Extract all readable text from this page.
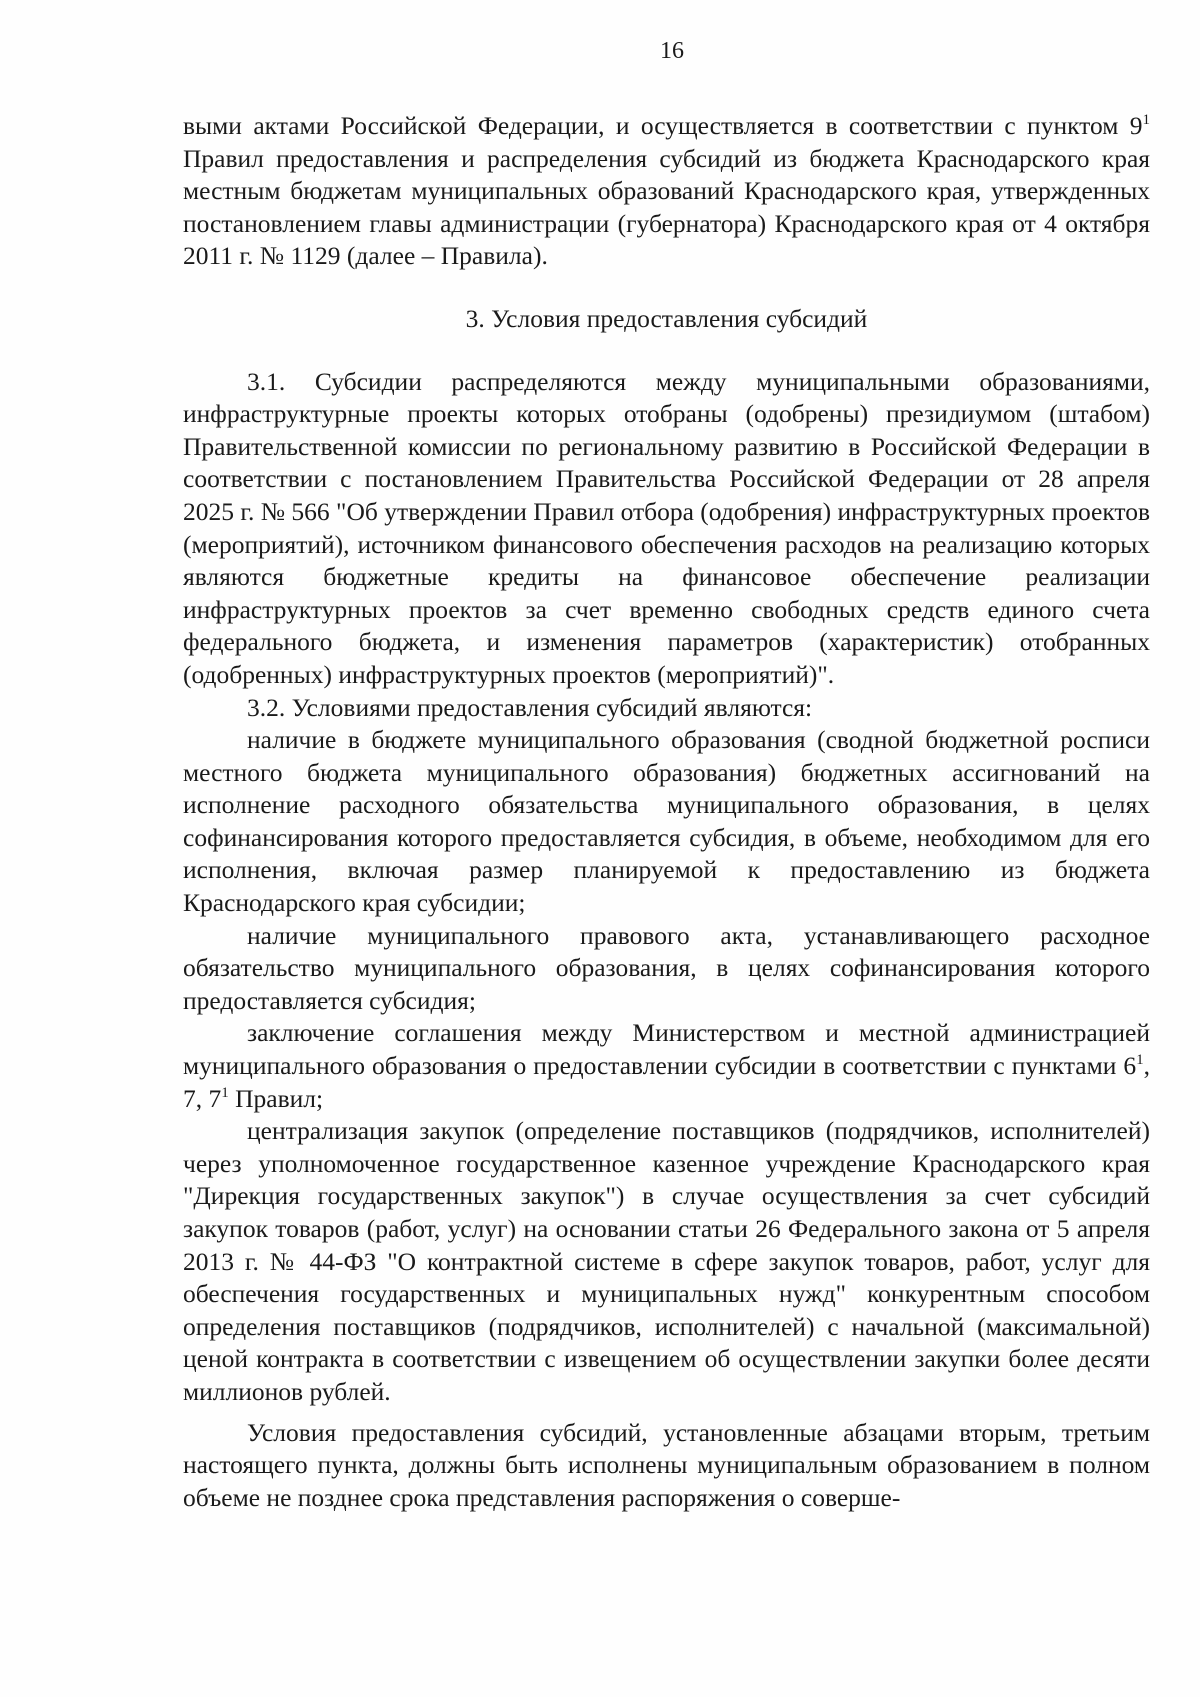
16

выми актами Российской Федерации, и осуществляется в соответствии с пунктом $9^1$ Правил предоставления и распределения субсидий из бюджета Краснодарского края местным бюджетам муниципальных образований Краснодарского края, утвержденных постановлением главы администрации (губернатора) Краснодарского края от 4 октября 2011 г. № 1129 (далее – Правила).

3. Условия предоставления субсидий

3.1. Субсидии распределяются между муниципальными образованиями, инфраструктурные проекты которых отобраны (одобрены) президиумом (штабом) Правительственной комиссии по региональному развитию в Российской Федерации в соответствии с постановлением Правительства Российской Федерации от 28 апреля 2025 г. № 566 "Об утверждении Правил отбора (одобрения) инфраструктурных проектов (мероприятий), источником финансового обеспечения расходов на реализацию которых являются бюджетные кредиты на финансовое обеспечение реализации инфраструктурных проектов за счет временно свободных средств единого счета федерального бюджета, и изменения параметров (характеристик) отобранных (одобренных) инфраструктурных проектов (мероприятий)".

3.2. Условиями предоставления субсидий являются:

наличие в бюджете муниципального образования (сводной бюджетной росписи местного бюджета муниципального образования) бюджетных ассигнований на исполнение расходного обязательства муниципального образования, в целях софинансирования которого предоставляется субсидия, в объеме, необходимом для его исполнения, включая размер планируемой к предоставлению из бюджета Краснодарского края субсидии;

наличие муниципального правового акта, устанавливающего расходное обязательство муниципального образования, в целях софинансирования которого предоставляется субсидия;

заключение соглашения между Министерством и местной администрацией муниципального образования о предоставлении субсидии в соответствии с пунктами $6^1$, 7, $7^1$ Правил;

централизация закупок (определение поставщиков (подрядчиков, исполнителей) через уполномоченное государственное казенное учреждение Краснодарского края "Дирекция государственных закупок") в случае осуществления за счет субсидий закупок товаров (работ, услуг) на основании статьи 26 Федерального закона от 5 апреля 2013 г. № 44-ФЗ "О контрактной системе в сфере закупок товаров, работ, услуг для обеспечения государственных и муниципальных нужд" конкурентным способом определения поставщиков (подрядчиков, исполнителей) с начальной (максимальной) ценой контракта в соответствии с извещением об осуществлении закупки более десяти миллионов рублей.

Условия предоставления субсидий, установленные абзацами вторым, третьим настоящего пункта, должны быть исполнены муниципальным образованием в полном объеме не позднее срока представления распоряжения о соверше-
